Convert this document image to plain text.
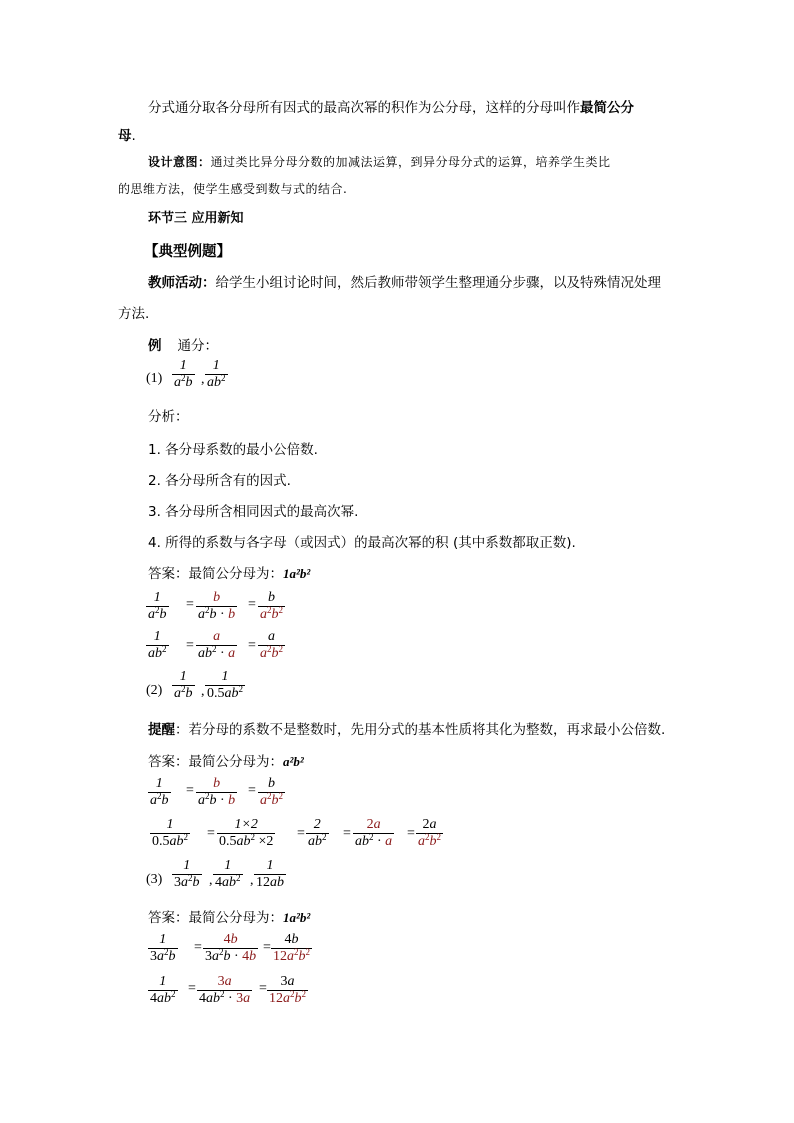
分式通分取各分母所有因式的最高次幂的积作为公分母，这样的分母叫作最简公分
母.
设计意图：通过类比异分母分数的加减法运算，到异分母分式的运算，培养学生类比
的思维方法，使学生感受到数与式的结合.
环节三 应用新知
【典型例题】
教师活动：给学生小组讨论时间，然后教师带领学生整理通分步骤，以及特殊情况处理
方法.
例 通分：
(1)
1
$a^2b$ ,
1
$ab^2$
分析：
1. 各分母系数的最小公倍数.
2. 各分母所含有的因式.
3. 各分母所含相同因式的最高次幂.
4. 所得的系数与各字母（或因式）的最高次幂的积 (其中系数都取正数).
答案：最简公分母为：1a²b²
1
$a^2b$
= b
$a^2b \cdot b$
= b
$a^2b^2$
1
$ab^2$ =
a
$ab^2 \cdot a$
=
a
$a^2b^2$
(2)
1
$a^2b$ ,
1
$0.5ab^2$
提醒：若分母的系数不是整数时，先用分式的基本性质将其化为整数，再求最小公倍数.
答案：最简公分母为：a²b²
1
$a^2b$
= b
$a^2b \cdot b$
= b
$a^2b^2$
1
$0.5ab^2$ =
1×2
$0.5ab^2 \times 2$
=
2
$ab^2$ =
2a
$ab^2 \cdot a$
=
2a
$a^2b^2$
(3)
1
$3a^2b$ ,
1
$4ab^2$ ,
1
12ab
答案：最简公分母为：1a²b²
1
$3a^2b$
=
4b
$3a^2b \cdot 4b$
=
4b
$12a^2b^2$
1
$4ab^2 = 3a$
$4ab^2 \cdot 3a$
= 3a
$12a^2b^2$
